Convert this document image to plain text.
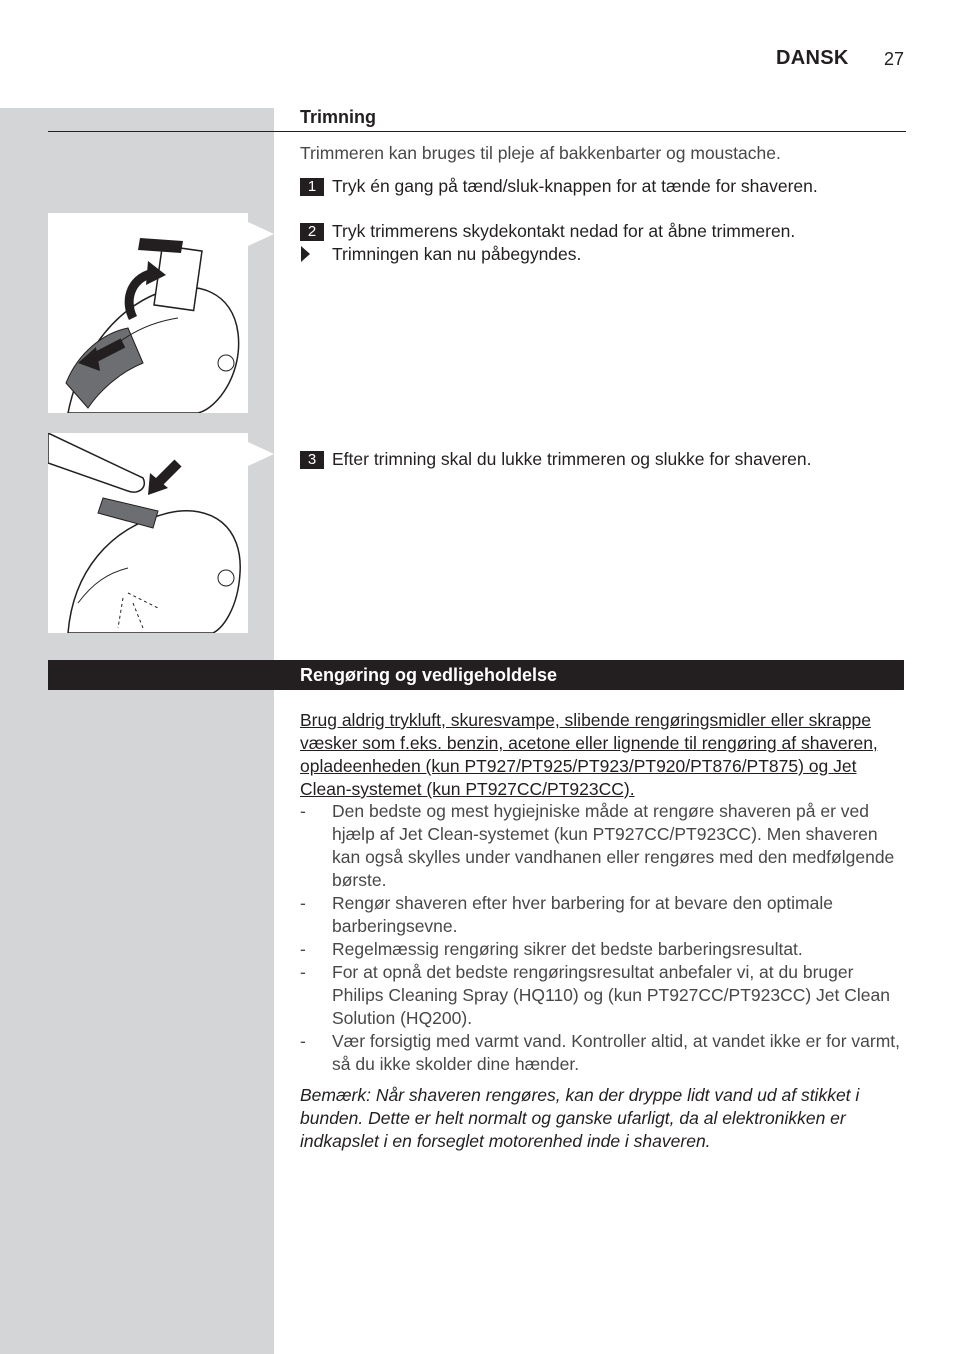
DANSK 27
Trimning
Trimmeren kan bruges til pleje af bakkenbarter og moustache.
1 Tryk én gang på tænd/sluk-knappen for at tænde for shaveren.
2 Tryk trimmerens skydekontakt nedad for at åbne trimmeren.
Trimningen kan nu påbegyndes.
3 Efter trimning skal du lukke trimmeren og slukke for shaveren.
Rengøring og vedligeholdelse
Brug aldrig trykluft, skuresvampe, slibende rengøringsmidler eller skrappe væsker som f.eks. benzin, acetone eller lignende til rengøring af shaveren, opladeenheden (kun PT927/PT925/PT923/PT920/PT876/PT875) og Jet Clean-systemet (kun PT927CC/PT923CC).
- Den bedste og mest hygiejniske måde at rengøre shaveren på er ved hjælp af Jet Clean-systemet (kun PT927CC/PT923CC). Men shaveren kan også skylles under vandhanen eller rengøres med den medfølgende børste.
- Rengør shaveren efter hver barbering for at bevare den optimale barberingsevne.
- Regelmæssig rengøring sikrer det bedste barberingsresultat.
- For at opnå det bedste rengøringsresultat anbefaler vi, at du bruger Philips Cleaning Spray (HQ110) og (kun PT927CC/PT923CC) Jet Clean Solution (HQ200).
- Vær forsigtig med varmt vand. Kontroller altid, at vandet ikke er for varmt, så du ikke skolder dine hænder.
Bemærk: Når shaveren rengøres, kan der dryppe lidt vand ud af stikket i bunden. Dette er helt normalt og ganske ufarligt, da al elektronikken er indkapslet i en forseglet motorenhed inde i shaveren.
